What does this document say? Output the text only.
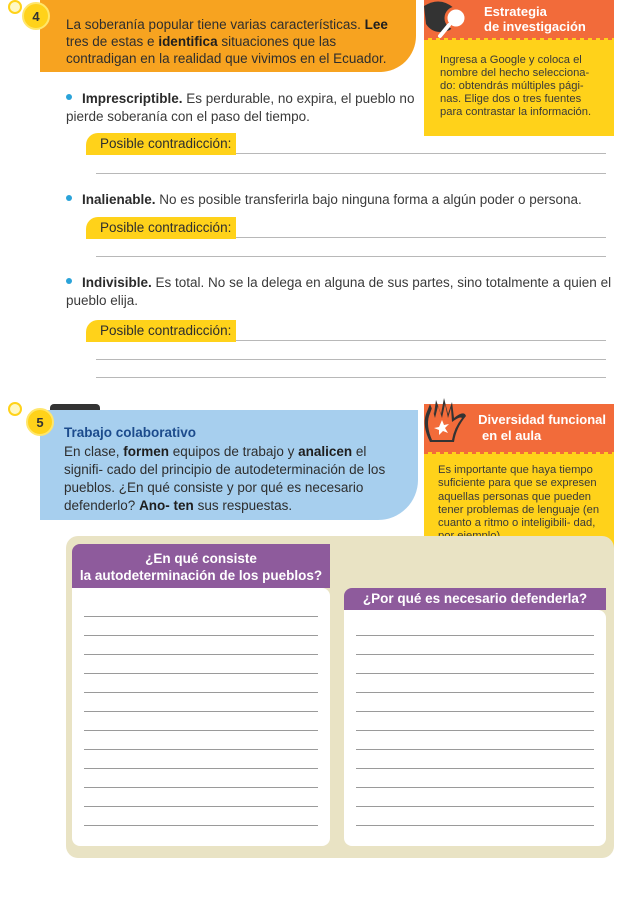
La soberanía popular tiene varias características. Lee tres de estas e identifica situaciones que las contradigan en la realidad que vivimos en el Ecuador.
4	Estrategia
de investigación
Ingresa a Google y coloca el nombre del hecho selecciona- do: obtendrás múltiples pági- nas. Elige dos o tres fuentes para contrastar la información.
Imprescriptible. Es perdurable, no expira, el pueblo no pierde soberanía con el paso del tiempo.
Posible contradicción:
Inalienable. No es posible transferirla bajo ninguna forma a algún poder o persona.
Posible contradicción:
Indivisible. Es total. No se la delega en alguna de sus partes, sino totalmente a quien el pueblo elija.
Posible contradicción:
Trabajo colaborativo
En clase, formen equipos de trabajo y analicen el signifi- cado del principio de autodeterminación de los pueblos. ¿En qué consiste y por qué es necesario defenderlo? Ano- ten sus respuestas.
5	Diversidad funcional
en el aula
Es importante que haya tiempo suficiente para que se expresen aquellas personas que pueden tener problemas de lenguaje (en cuanto a ritmo o inteligibili- dad,
¿En qué consiste
la autodeterminación de los pueblos?
¿Por qué es necesario defenderla?
